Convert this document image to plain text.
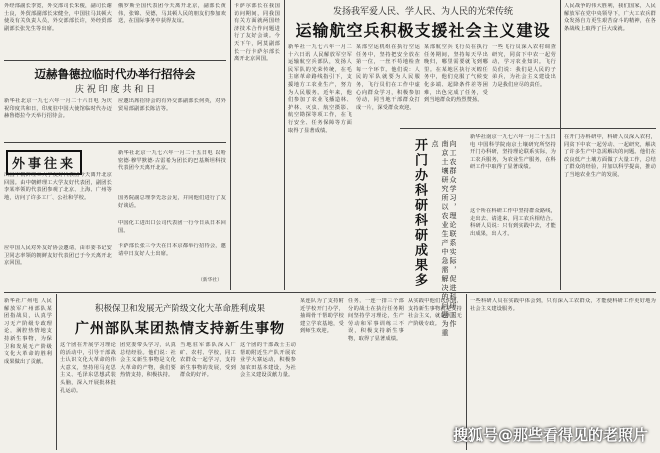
外经部副长李宽，外交部司长朱俊，副司长谢士良，外贸部副部长宋健全，中国驻马其顿大使及有关负责人员，外交部部长许，外经贸部副部长张先生等出席。
俄罗斯全国代表团今天离开北京，副部长黄伟，张锦、吴德，马其顿人民的朋友们参加欢送，在国际事务中获得友谊。
迈赫鲁德拉临时代办举行招待会
庆 祝 印 度 共 和 日
新华社北京一九七六年一月二十六日电 为庆祝印度共和日，印度驻中国大使馆临时代办迈赫鲁德拉今天举行招待会。
应邀出席招待会的有外交部副部长何英，对外贸易部副部长陈洁等。
外事往来
出国中朝鲜理工大学友好代表团今天离开北京回国。由中朝鲜理工大学友好代表团，副团长李某率领的代表团参观了北京、上海、广州等地，访问了许多工厂、公社和学校。
应中国人民对外友好协会邀请，由市委书记安卫同志率领的朝鲜友好代表团已于今天离开北京回国。
新华社北京一九七六年一月二十五日电 以哈密德·穆罕默德·古雷希为团长的巴基斯坦科技代表团今天离开北京。
国务院副总理李先念会见，并同他们进行了友好谈话。
中国化工进出口公司代表团一行今日从日本回国。
卡萨部长张三今天在日本京都举行招待会，邀请中日友好人士出席。
（新华社）
卡萨尔部长在我国访问期间，同我国有关方面就两国经济技术合作问题进行了友好会谈。今天下午，阿莫副部长一行卡萨尔部长离开北京回国。
发扬我军爱人民、学人民、为人民的光荣传统
运输航空兵积极支援社会主义建设
新华社一九七六年一月二十六日讯 人民解放军空军运输航空兵部队，发扬人民军队的光荣传统，在毛主席革命路线指引下，支援地方工农业生产，努力为人民服务。近年来，他们参加了农业飞播造林、护林、灭虫、航空摄影、航空勘探等项工作，在飞行安全、任务保障等方面取得了显著成绩。
某部空运机组在执行空运任务中，坚持把安全放在第一位，一丝不苟地检查每一个环节。他们说：人民的军队就要为人民服务，飞行员们在工作中虚心向群众学习，积极参加劳动，同当地干部群众打成一片，深受群众欢迎。
某部航空兵飞行员在执行任务期间，坚持每天早出晚归，哪里需要就飞到哪里。在某地区执行灭蝗任务中，他们克服了气候变化多端、起降条件差等困难，出色完成了任务，受到当地群众的热烈赞扬。
一些飞行员深入农村调查研究，同贫下中农一起劳动，学习农业知识。飞行员们说：我们是人民的子弟兵，为社会主义建设出力是我们应尽的责任。
人民战争的伟大胜利，我们国家，人民解放军在党中央领导下，广大工农兵群众发扬自力更生艰苦奋斗的精神，在各条战线上取得了巨大成就。
开门办科研科研成果多	南京土壤研究所以农业生产中急需解决的问题为重点	向工农群众学习，理论联系实际，促进科研工作
新华社南京一九七六年一月二十五日电 中国科学院南京土壤研究所坚持开门办科研，坚持理论联系实际，为工农兵服务，为农业生产服务，在科研工作中取得了显著成绩。
在开门办科研中，科研人员深入农村，同贫下中农一起劳动、一起研究，解决了许多生产中急需解决的问题。他们在改良低产土壤方面做了大量工作，总结了群众的经验，并加以科学提高，推动了当地农业生产的发展。
这个所在科研工作中坚持群众路线，走出去、请进来，同工农兵相结合。科研人员说：只有到实践中去，才能出成果，出人才。
新华社广州电 人民解放军广州部队某团指战员，认真学习无产阶级专政理论，满腔热情地支持新生事物，为保卫和发展无产阶级文化大革命的胜利成果做出了贡献。
积极保卫和发展无产阶级文化大革命胜利成果
广州部队某团热情支持新生事物
这个团在开展学习理论的活动中，引导干部战士认识文化大革命的伟大意义，坚持用马克思主义、毛泽东思想武装头脑，深入开展批林批孔运动。
团党委带头学习，认真总结经验。他们说：社会主义新生事物是文化大革命的产物，我们要热情支持，积极扶持。
当地驻军部队深入厂矿、农村、学校，同工农群众一起学习，支持新生事物的发展，受到群众的好评。
这个团的干部战士主动帮助附近生产队开展农业学大寨运动，积极参加农田基本建设，为社会主义建设贡献力量。
某连队为了支持附近学校开门办学，抽调骨干帮助学校建立学农基地，受到师生欢迎。
任务，一连一排三个部分的战士在执行任务期间坚持学习理论，生产劳动和军事训练三不误，积极支持新生事物，取得了显著成绩。
从实践中他们认识到，支持新生事物就是支持社会主义，就是巩固无产阶级专政。
一些科研人员在实践中体会到，只有深入工农群众，才能使科研工作更好地为社会主义建设服务。
搜狐号@那些看得见的老照片
